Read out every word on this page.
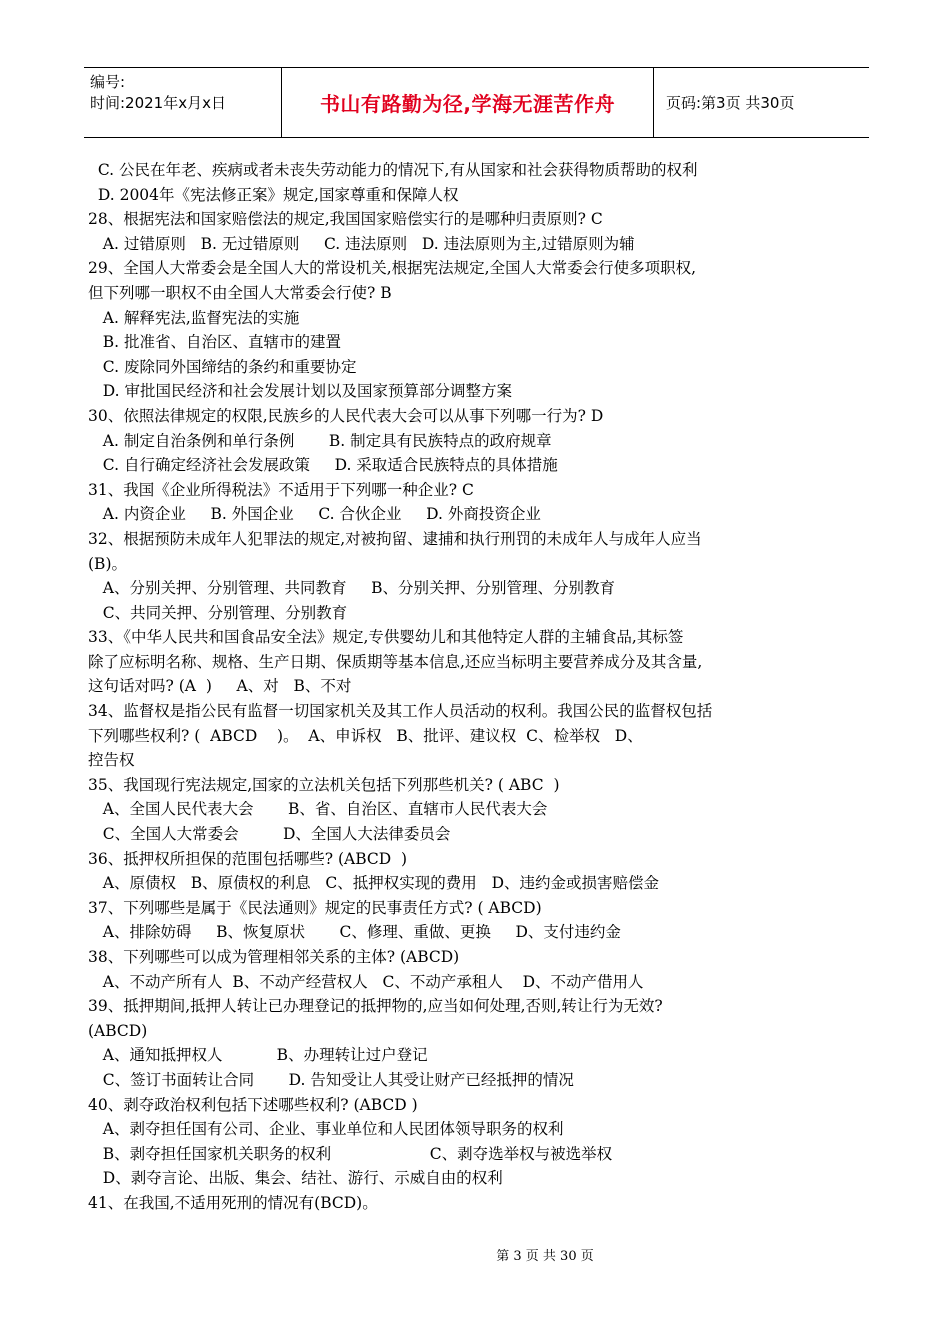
编号:
时间:2021年x月x日	书山有路勤为径,学海无涯苦作舟	页码:第3页 共30页
C. 公民在年老、疾病或者未丧失劳动能力的情况下,有从国家和社会获得物质帮助的权利
D. 2004年《宪法修正案》规定,国家尊重和保障人权
28、根据宪法和国家赔偿法的规定,我国国家赔偿实行的是哪种归责原则? C
A. 过错原则   B. 无过错原则     C. 违法原则   D. 违法原则为主,过错原则为辅
29、全国人大常委会是全国人大的常设机关,根据宪法规定,全国人大常委会行使多项职权,
但下列哪一职权不由全国人大常委会行使? B
A. 解释宪法,监督宪法的实施
B. 批准省、自治区、直辖市的建置
C. 废除同外国缔结的条约和重要协定
D. 审批国民经济和社会发展计划以及国家预算部分调整方案
30、依照法律规定的权限,民族乡的人民代表大会可以从事下列哪一行为? D
A. 制定自治条例和单行条例       B. 制定具有民族特点的政府规章
C. 自行确定经济社会发展政策     D. 采取适合民族特点的具体措施
31、我国《企业所得税法》不适用于下列哪一种企业? C
A. 内资企业     B. 外国企业     C. 合伙企业     D. 外商投资企业
32、根据预防未成年人犯罪法的规定,对被拘留、逮捕和执行刑罚的未成年人与成年人应当
(B)。
A、分别关押、分别管理、共同教育     B、分别关押、分别管理、分别教育
C、共同关押、分别管理、分别教育
33、《中华人民共和国食品安全法》规定,专供婴幼儿和其他特定人群的主辅食品,其标签
除了应标明名称、规格、生产日期、保质期等基本信息,还应当标明主要营养成分及其含量,
这句话对吗? (A  )     A、对   B、不对
34、监督权是指公民有监督一切国家机关及其工作人员活动的权利。我国公民的监督权包括
下列哪些权利? (  ABCD    )。  A、申诉权   B、批评、建议权  C、检举权   D、
控告权
35、我国现行宪法规定,国家的立法机关包括下列那些机关? ( ABC  )
A、全国人民代表大会       B、省、自治区、直辖市人民代表大会
C、全国人大常委会         D、全国人大法律委员会
36、抵押权所担保的范围包括哪些? (ABCD  )
A、原债权   B、原债权的利息   C、抵押权实现的费用   D、违约金或损害赔偿金
37、下列哪些是属于《民法通则》规定的民事责任方式? ( ABCD)
A、排除妨碍     B、恢复原状       C、修理、重做、更换     D、支付违约金
38、下列哪些可以成为管理相邻关系的主体? (ABCD)
A、不动产所有人  B、不动产经营权人   C、不动产承租人    D、不动产借用人
39、抵押期间,抵押人转让已办理登记的抵押物的,应当如何处理,否则,转让行为无效?
(ABCD)
A、通知抵押权人           B、办理转让过户登记
C、签订书面转让合同       D. 告知受让人其受让财产已经抵押的情况
40、剥夺政治权利包括下述哪些权利? (ABCD )
A、剥夺担任国有公司、企业、事业单位和人民团体领导职务的权利
B、剥夺担任国家机关职务的权利                    C、剥夺选举权与被选举权
D、剥夺言论、出版、集会、结社、游行、示威自由的权利
41、在我国,不适用死刑的情况有(BCD)。
第 3 页 共 30 页
